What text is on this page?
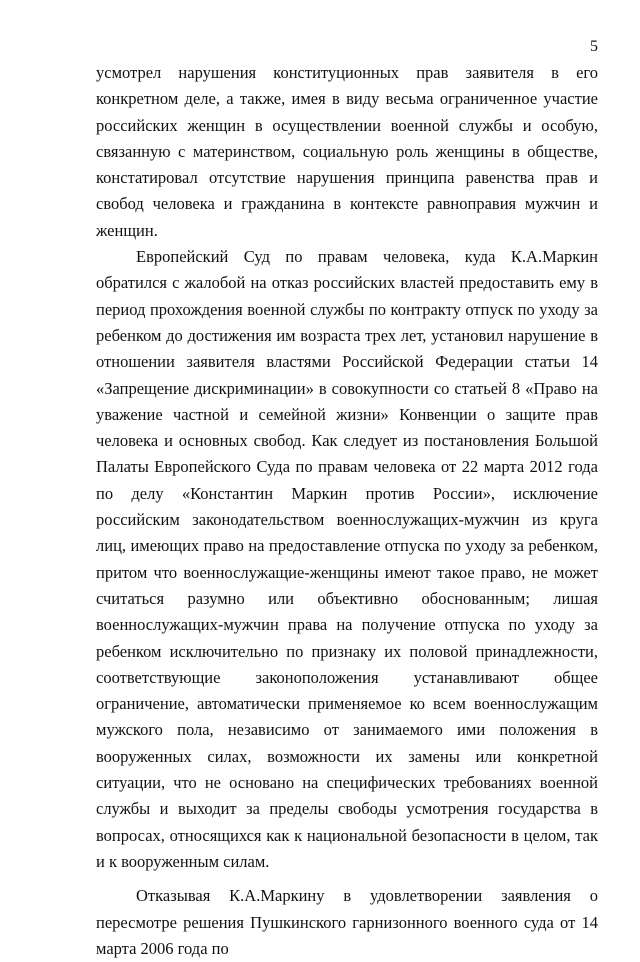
5

усмотрел нарушения конституционных прав заявителя в его конкретном деле, а также, имея в виду весьма ограниченное участие российских женщин в осуществлении военной службы и особую, связанную с материнством, социальную роль женщины в обществе, констатировал отсутствие нарушения принципа равенства прав и свобод человека и гражданина в контексте равноправия мужчин и женщин.

Европейский Суд по правам человека, куда К.А.Маркин обратился с жалобой на отказ российских властей предоставить ему в период прохождения военной службы по контракту отпуск по уходу за ребенком до достижения им возраста трех лет, установил нарушение в отношении заявителя властями Российской Федерации статьи 14 «Запрещение дискриминации» в совокупности со статьей 8 «Право на уважение частной и семейной жизни» Конвенции о защите прав человека и основных свобод. Как следует из постановления Большой Палаты Европейского Суда по правам человека от 22 марта 2012 года по делу «Константин Маркин против России», исключение российским законодательством военнослужащих-мужчин из круга лиц, имеющих право на предоставление отпуска по уходу за ребенком, притом что военнослужащие-женщины имеют такое право, не может считаться разумно или объективно обоснованным; лишая военнослужащих-мужчин права на получение отпуска по уходу за ребенком исключительно по признаку их половой принадлежности, соответствующие законоположения устанавливают общее ограничение, автоматически применяемое ко всем военнослужащим мужского пола, независимо от занимаемого ими положения в вооруженных силах, возможности их замены или конкретной ситуации, что не основано на специфических требованиях военной службы и выходит за пределы свободы усмотрения государства в вопросах, относящихся как к национальной безопасности в целом, так и к вооруженным силам.

Отказывая К.А.Маркину в удовлетворении заявления о пересмотре решения Пушкинского гарнизонного военного суда от 14 марта 2006 года по
